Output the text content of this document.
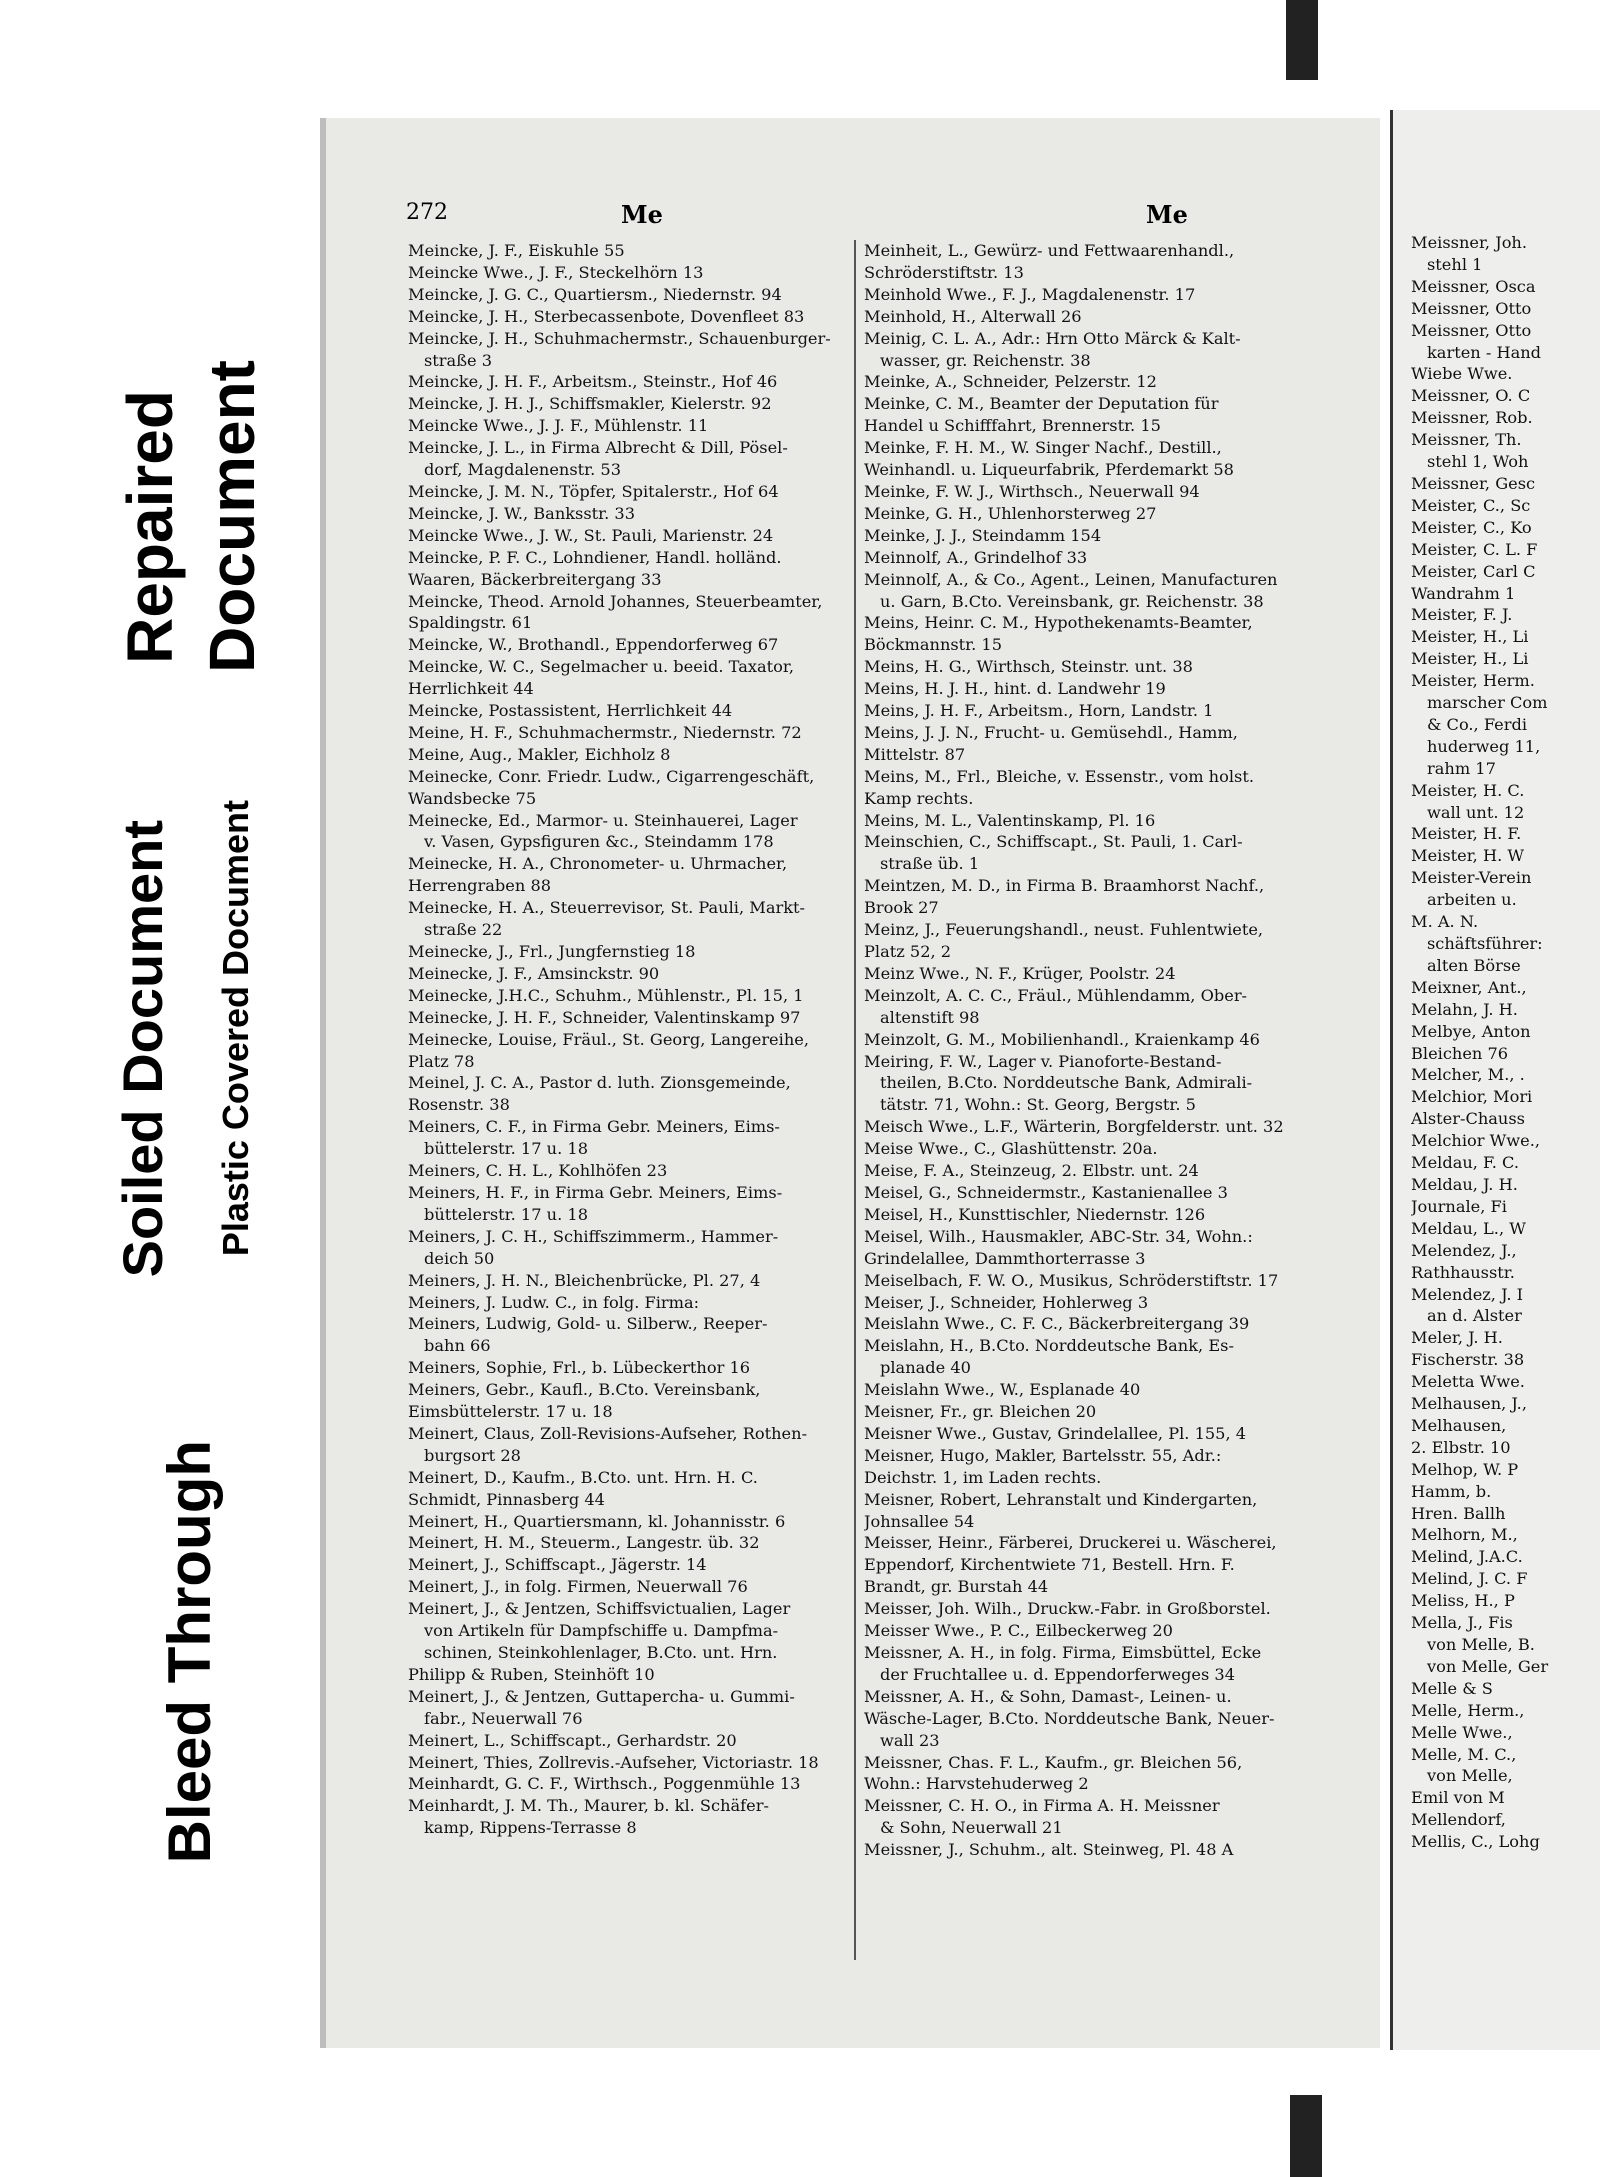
Repaired Document
Soiled Document Plastic Covered Document
Bleed Through
272	Me	Me
Meincke, J. F., Eiskuhle 55
Meincke Wwe., J. F., Steckelhörn 13
Meincke, J. G. C., Quartiersm., Niedernstr. 94
Meincke, J. H., Sterbecassenbote, Dovenfleet 83
Meincke, J. H., Schuhmachermstr., Schauenburger-
straße 3
Meincke, J. H. F., Arbeitsm., Steinstr., Hof 46
Meincke, J. H. J., Schiffsmakler, Kielerstr. 92
Meincke Wwe., J. J. F., Mühlenstr. 11
Meincke, J. L., in Firma Albrecht & Dill, Pösel-
dorf, Magdalenenstr. 53
Meincke, J. M. N., Töpfer, Spitalerstr., Hof 64
Meincke, J. W., Banksstr. 33
Meincke Wwe., J. W., St. Pauli, Marienstr. 24
Meincke, P. F. C., Lohndiener, Handl. holländ.
Waaren, Bäckerbreitergang 33
Meincke, Theod. Arnold Johannes, Steuerbeamter,
Spaldingstr. 61
Meincke, W., Brothandl., Eppendorferweg 67
Meincke, W. C., Segelmacher u. beeid. Taxator,
Herrlichkeit 44
Meincke, Postassistent, Herrlichkeit 44
Meine, H. F., Schuhmachermstr., Niedernstr. 72
Meine, Aug., Makler, Eichholz 8
Meinecke, Conr. Friedr. Ludw., Cigarrengeschäft,
Wandsbecke 75
Meinecke, Ed., Marmor- u. Steinhauerei, Lager
v. Vasen, Gypsfiguren &c., Steindamm 178
Meinecke, H. A., Chronometer- u. Uhrmacher,
Herrengraben 88
Meinecke, H. A., Steuerrevisor, St. Pauli, Markt-
straße 22
Meinecke, J., Frl., Jungfernstieg 18
Meinecke, J. F., Amsinckstr. 90
Meinecke, J.H.C., Schuhm., Mühlenstr., Pl. 15, 1
Meinecke, J. H. F., Schneider, Valentinskamp 97
Meinecke, Louise, Fräul., St. Georg, Langereihe,
Platz 78
Meinel, J. C. A., Pastor d. luth. Zionsgemeinde,
Rosenstr. 38
Meiners, C. F., in Firma Gebr. Meiners, Eims-
büttelerstr. 17 u. 18
Meiners, C. H. L., Kohlhöfen 23
Meiners, H. F., in Firma Gebr. Meiners, Eims-
büttelerstr. 17 u. 18
Meiners, J. C. H., Schiffszimmerm., Hammer-
deich 50
Meiners, J. H. N., Bleichenbrücke, Pl. 27, 4
Meiners, J. Ludw. C., in folg. Firma:
Meiners, Ludwig, Gold- u. Silberw., Reeper-
bahn 66
Meiners, Sophie, Frl., b. Lübeckerthor 16
Meiners, Gebr., Kaufl., B.Cto. Vereinsbank,
Eimsbüttelerstr. 17 u. 18
Meinert, Claus, Zoll-Revisions-Aufseher, Rothen-
burgsort 28
Meinert, D., Kaufm., B.Cto. unt. Hrn. H. C.
Schmidt, Pinnasberg 44
Meinert, H., Quartiersmann, kl. Johannisstr. 6
Meinert, H. M., Steuerm., Langestr. üb. 32
Meinert, J., Schiffscapt., Jägerstr. 14
Meinert, J., in folg. Firmen, Neuerwall 76
Meinert, J., & Jentzen, Schiffsvictualien, Lager
von Artikeln für Dampfschiffe u. Dampfma-
schinen, Steinkohlenlager, B.Cto. unt. Hrn.
Philipp & Ruben, Steinhöft 10
Meinert, J., & Jentzen, Guttapercha- u. Gummi-
fabr., Neuerwall 76
Meinert, L., Schiffscapt., Gerhardstr. 20
Meinert, Thies, Zollrevis.-Aufseher, Victoriastr. 18
Meinhardt, G. C. F., Wirthsch., Poggenmühle 13
Meinhardt, J. M. Th., Maurer, b. kl. Schäfer-
kamp, Rippens-Terrasse 8
Meinheit, L., Gewürz- und Fettwaarenhandl.,
Schröderstiftstr. 13
Meinhold Wwe., F. J., Magdalenenstr. 17
Meinhold, H., Alterwall 26
Meinig, C. L. A., Adr.: Hrn Otto Märck & Kalt-
wasser, gr. Reichenstr. 38
Meinke, A., Schneider, Pelzerstr. 12
Meinke, C. M., Beamter der Deputation für
Handel u Schifffahrt, Brennerstr. 15
Meinke, F. H. M., W. Singer Nachf., Destill.,
Weinhandl. u. Liqueurfabrik, Pferdemarkt 58
Meinke, F. W. J., Wirthsch., Neuerwall 94
Meinke, G. H., Uhlenhorsterweg 27
Meinke, J. J., Steindamm 154
Meinnolf, A., Grindelhof 33
Meinnolf, A., & Co., Agent., Leinen, Manufacturen
u. Garn, B.Cto. Vereinsbank, gr. Reichenstr. 38
Meins, Heinr. C. M., Hypothekenamts-Beamter,
Böckmannstr. 15
Meins, H. G., Wirthsch, Steinstr. unt. 38
Meins, H. J. H., hint. d. Landwehr 19
Meins, J. H. F., Arbeitsm., Horn, Landstr. 1
Meins, J. J. N., Frucht- u. Gemüsehdl., Hamm,
Mittelstr. 87
Meins, M., Frl., Bleiche, v. Essenstr., vom holst.
Kamp rechts.
Meins, M. L., Valentinskamp, Pl. 16
Meinschien, C., Schiffscapt., St. Pauli, 1. Carl-
straße üb. 1
Meintzen, M. D., in Firma B. Braamhorst Nachf.,
Brook 27
Meinz, J., Feuerungshandl., neust. Fuhlentwiete,
Platz 52, 2
Meinz Wwe., N. F., Krüger, Poolstr. 24
Meinzolt, A. C. C., Fräul., Mühlendamm, Ober-
altenstift 98
Meinzolt, G. M., Mobilienhandl., Kraienkamp 46
Meiring, F. W., Lager v. Pianoforte-Bestand-
theilen, B.Cto. Norddeutsche Bank, Admirali-
tätstr. 71, Wohn.: St. Georg, Bergstr. 5
Meisch Wwe., L.F., Wärterin, Borgfelderstr. unt. 32
Meise Wwe., C., Glashüttenstr. 20a.
Meise, F. A., Steinzeug, 2. Elbstr. unt. 24
Meisel, G., Schneidermstr., Kastanienallee 3
Meisel, H., Kunsttischler, Niedernstr. 126
Meisel, Wilh., Hausmakler, ABC-Str. 34, Wohn.:
Grindelallee, Dammthorterrasse 3
Meiselbach, F. W. O., Musikus, Schröderstiftstr. 17
Meiser, J., Schneider, Hohlerweg 3
Meislahn Wwe., C. F. C., Bäckerbreitergang 39
Meislahn, H., B.Cto. Norddeutsche Bank, Es-
planade 40
Meislahn Wwe., W., Esplanade 40
Meisner, Fr., gr. Bleichen 20
Meisner Wwe., Gustav, Grindelallee, Pl. 155, 4
Meisner, Hugo, Makler, Bartelsstr. 55, Adr.:
Deichstr. 1, im Laden rechts.
Meisner, Robert, Lehranstalt und Kindergarten,
Johnsallee 54
Meisser, Heinr., Färberei, Druckerei u. Wäscherei,
Eppendorf, Kirchentwiete 71, Bestell. Hrn. F.
Brandt, gr. Burstah 44
Meisser, Joh. Wilh., Druckw.-Fabr. in Großborstel.
Meisser Wwe., P. C., Eilbeckerweg 20
Meissner, A. H., in folg. Firma, Eimsbüttel, Ecke
der Fruchtallee u. d. Eppendorferweges 34
Meissner, A. H., & Sohn, Damast-, Leinen- u.
Wäsche-Lager, B.Cto. Norddeutsche Bank, Neuer-
wall 23
Meissner, Chas. F. L., Kaufm., gr. Bleichen 56,
Wohn.: Harvstehuderweg 2
Meissner, C. H. O., in Firma A. H. Meissner
& Sohn, Neuerwall 21
Meissner, J., Schuhm., alt. Steinweg, Pl. 48 A
Meissner, Joh.
stehl 1
Meissner, Osca
Meissner, Otto
Meissner, Otto
karten - Hand
Wiebe Wwe.
Meissner, O. C
Meissner, Rob.
Meissner, Th.
stehl 1, Woh
Meissner, Gesc
Meister, C., Sc
Meister, C., Ko
Meister, C. L. F
Meister, Carl C
Wandrahm 1
Meister, F. J.
Meister, H., Li
Meister, H., Li
Meister, Herm.
marscher Com
& Co., Ferdi
huderweg 11,
rahm 17
Meister, H. C.
wall unt. 12
Meister, H. F.
Meister, H. W
Meister-Verein
arbeiten u.
M. A. N.
schäftsführer:
alten Börse
Meixner, Ant.,
Melahn, J. H.
Melbye, Anton
Bleichen 76
Melcher, M., .
Melchior, Mori
Alster-Chauss
Melchior Wwe.,
Meldau, F. C.
Meldau, J. H.
Journale, Fi
Meldau, L., W
Melendez, J.,
Rathhausstr.
Melendez, J. I
an d. Alster
Meler, J. H.
Fischerstr. 38
Meletta Wwe.
Melhausen, J.,
Melhausen,
2. Elbstr. 10
Melhop, W. P
Hamm, b.
Hren. Ballh
Melhorn, M.,
Melind, J.A.C.
Melind, J. C. F
Meliss, H., P
Mella, J., Fis
von Melle, B.
von Melle, Ger
Melle & S
Melle, Herm.,
Melle Wwe.,
Melle, M. C.,
von Melle,
Emil von M
Mellendorf,
Mellis, C., Lohg
